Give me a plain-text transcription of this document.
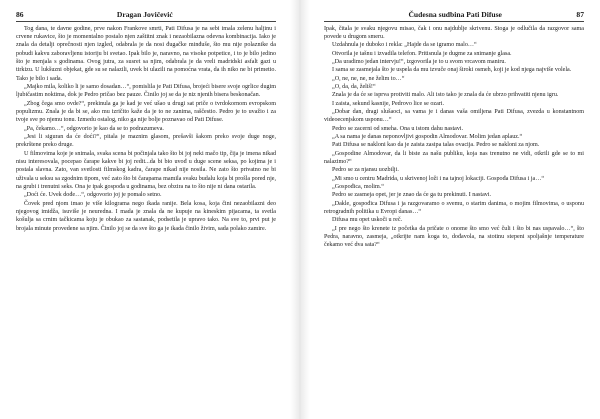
86	Dragan Jovičević

Tog dana, te davne godine, prve nakon Frankove smrti, Pati Difusa je na sebi imala zelenu haljinu i crvene rukavice, što je momentalno postalo njen zaštitni znak i nezaobilazna odevna kombinacija. Iako je znala da detalji oprečnosti njen izgled, odabrala je da nosi đugačke minđuše, što mu nije polaznike da pobudi kakvu zaboravljenu istoriju bi svetao. Ipak bilo je, naravno, na visoke potpetice, i to je bilo jedino što je menjala s godinama. Ovog jutra, za susret sa njim, odabrala je da vreli madridski asfalt gazi u tirkizu. U lukšuzni objekat, gde su se nalazili, uvek bi ulazili na pomoćna vrata, da ih niko ne bi primetio. Tako je bilo i sada.

„Majko mila, koliko li je samo dosadan…“, pomislila je Pati Difusa, brojeći bisere svoje ogrlice dugim ljubičastim noktima, dok je Pedro pričao bez pauze. Činilo joj se da je niz njenih bisera beskonačan.

„Zbog čega smo ovde?“, prekinula ga je kad je već ušao u drugi sat priče o tvrdokornom evropskom populizmu. Znala je da bi se, ako mu izričito kaže da je to ne zanima, raščestio. Pedro je to uvažio i za tvoje sve po njemu tonu. Izmedu ostalog, niko ga nije bolje poznavao od Pati Difuse.

„Pa, čekamo…“, odgovorio je kao da se to podrazumeva.

„Jesi li siguran da će doći?“, pitala je maznim glasom, prešavši šakom preko svoje duge noge, prekrštene preko druge.

U filmovima koje je snimala, svaka scena bi počinjala tako što bi joj neki mačo tip, čija je imena nikad nisu interesovala, pocepao čarape kakve bi joj redit...da bi bio uvođ u duge scene seksa, po kojima je i postala slavna. Zato, van svetlosti filmskog kadra, čarape nikad nije nosila. Ne zato što privatno ne bi uživala u seksu sa zgodnim tipom, već zato što bi čarapama mamila svaku budalu koja bi prošla pored nje, na grubi i trenutni seks. Ona je ipak gospođa u godinama, bez obzira na to što nije ni dana ostarila.

„Doći će. Uvek dođe…“, odgovorio joj je pomalo setno.

Čovek pred njom imao je više kilograma nego ikada ranije. Bela kosa, koja čini nezaobilazni deo njegovog imidža, isuviše je neuredna. I mada je znala da ne kupuje na kineskim pijacama, ta svetla košulja sa crnim tačkicama koju je obukao za sastanak, podsetila je upravo tako. Na sve to, prvi put je brojala minute provedene sa njim. Činilo joj se da sve što ga je ikada činilo živim, sada polako zamire.

Čudesna sudbina Pati Difuse	87

Ipak, čitala je svaku njegovu misao, čak i onu najdublje skrivenu. Stoga je odlučila da razgovor sama povede u drugom smeru.

Uzdahnula je duboko i rekla: „Hajde da se igramo malo…“

Otvorila je tašnu i izvadila telefon. Pritisnula je dugme za snimanje glasa.

„Da uradimo jedan intervju!“, izgovorila je to u svom vrcavom maniru.

I sama se zasmejala što je uspela da mu izvuče onaj široki osmeh, koji je kod njega najviše volela.

„O, ne, ne, ne, ne želim to…“

„O, da, da, želiš!“

Znala je da će se isprva protiviti malo. Ali isto tako je znala da će ubrzo prihvatiti njenu igru.

I zaista, sekund kasnije, Pedrovo lice se ozari.

„Dobar dan, dragi slušaoci, sa vama je i danas vaša omiljena Pati Difusa, zvezda u konstantnom videoecenjskom usponu…“

Pedro se zacerni od smeha. Ona u istom dahu nastavi.

„A sa nama je danas neponovljivi gospodin Almodovar. Molim jedan aplauz.“

Pati Difusa se nakloni kao da je zaista zasipa talas ovacija. Pedro se nakloni za njom.

„Gospodine Almodovar, da li biste za našu publiku, koja nas trenutno ne vidi, otkrili gde se to mi nalazimo?“

Pedro se za njansu uozbilji.

„Mi smo u centru Madrida, u skrivenoj loži i na tajnoj lokaciji. Gospođa Difusa i ja…“

„Gospođica, molim.“

Pedro se zasmeja opet, jer je znao da će ga tu prekinuti. I nastavi.

„Dakle, gospođica Difusa i ja razgovaramo o svemu, o starim danima, o mojim filmovima, o usponu retrogradnih politika u Evropi danas…“

Difusa mu opet uskoči u reč.

„I pre nego što krenete iz početka da pričate o onome što smo već čuli i što bi nas uspavalo…“, što Pedra, naravno, zasmeja, „otkrijte nam koga to, dođavola, na stotinu stepeni spoljašnje temperature čekamo već dva sata?“
